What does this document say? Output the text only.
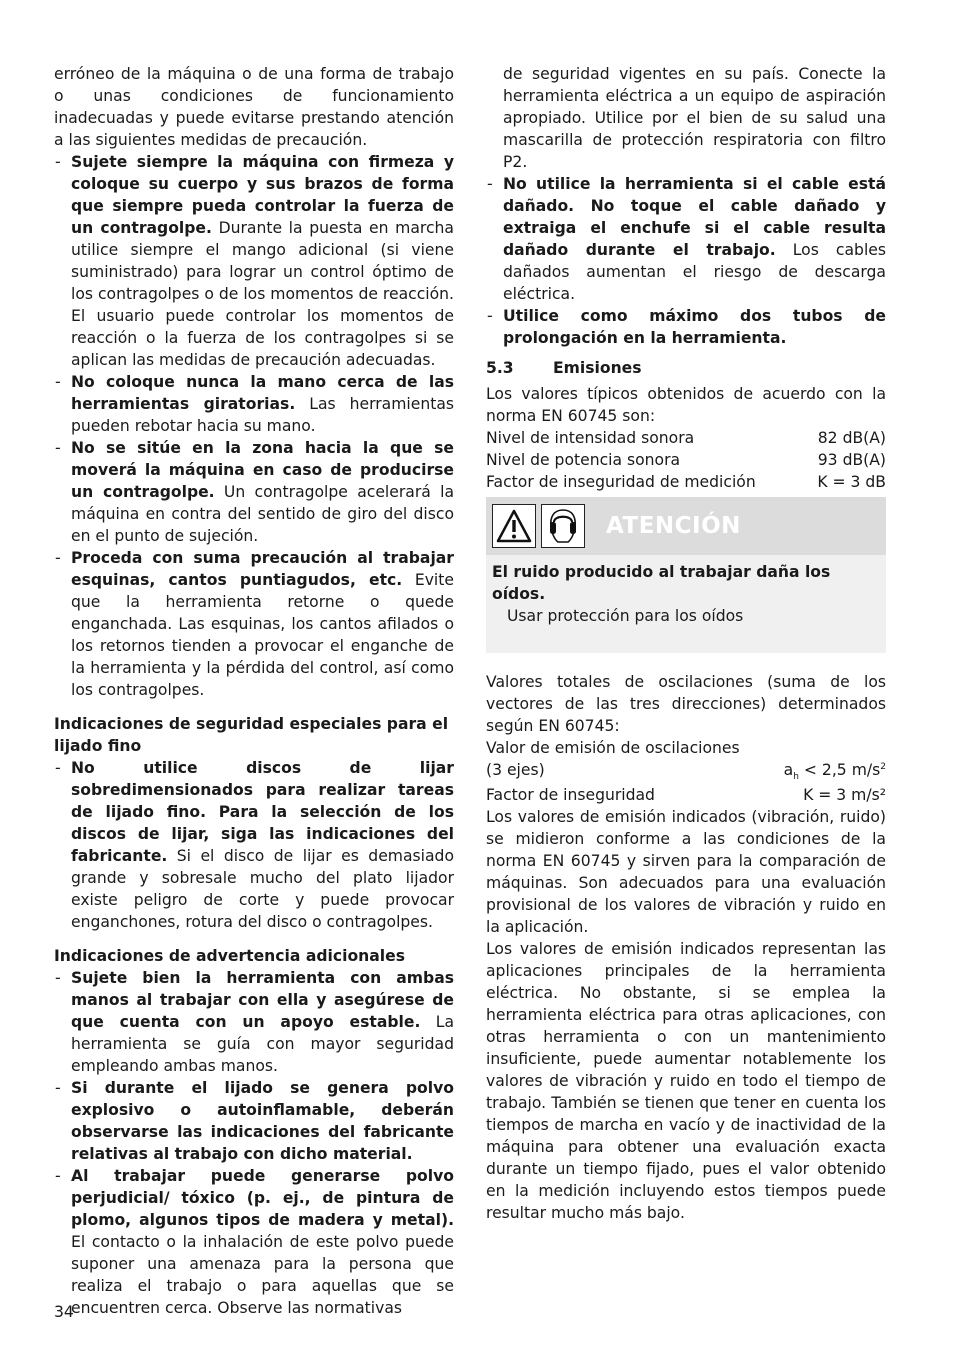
erróneo de la máquina o de una forma de trabajo o unas condiciones de funcionamiento inadecuadas y puede evitarse prestando atención a las siguientes medidas de precaución.

- Sujete siempre la máquina con firmeza y coloque su cuerpo y sus brazos de forma que siempre pueda controlar la fuerza de un contragolpe. Durante la puesta en marcha utilice siempre el mango adicional (si viene suministrado) para lograr un control óptimo de los contragolpes o de los momentos de reacción. El usuario puede controlar los momentos de reacción o la fuerza de los contragolpes si se aplican las medidas de precaución adecuadas.
- No coloque nunca la mano cerca de las herramientas giratorias. Las herramientas pueden rebotar hacia su mano.
- No se sitúe en la zona hacia la que se moverá la máquina en caso de producirse un contragolpe. Un contragolpe acelerará la máquina en contra del sentido de giro del disco en el punto de sujeción.
- Proceda con suma precaución al trabajar esquinas, cantos puntiagudos, etc. Evite que la herramienta retorne o quede enganchada. Las esquinas, los cantos afilados o los retornos tienden a provocar el enganche de la herramienta y la pérdida del control, así como los contragolpes.
Indicaciones de seguridad especiales para el lijado fino
- No utilice discos de lijar sobredimensionados para realizar tareas de lijado fino. Para la selección de los discos de lijar, siga las indicaciones del fabricante. Si el disco de lijar es demasiado grande y sobresale mucho del plato lijador existe peligro de corte y puede provocar enganchones, rotura del disco o contragolpes.
Indicaciones de advertencia adicionales
- Sujete bien la herramienta con ambas manos al trabajar con ella y asegúrese de que cuenta con un apoyo estable. La herramienta se guía con mayor seguridad empleando ambas manos.
- Si durante el lijado se genera polvo explosivo o autoinflamable, deberán observarse las indicaciones del fabricante relativas al trabajo con dicho material.
- Al trabajar puede generarse polvo perjudicial/ tóxico (p. ej., de pintura de plomo, algunos tipos de madera y metal). El contacto o la inhalación de este polvo puede suponer una amenaza para la persona que realiza el trabajo o para aquellas que se encuentren cerca. Observe las normativas
de seguridad vigentes en su país. Conecte la herramienta eléctrica a un equipo de aspiración apropiado. Utilice por el bien de su salud una mascarilla de protección respiratoria con filtro P2.
- No utilice la herramienta si el cable está dañado. No toque el cable dañado y extraiga el enchufe si el cable resulta dañado durante el trabajo. Los cables dañados aumentan el riesgo de descarga eléctrica.
- Utilice como máximo dos tubos de prolongación en la herramienta.
5.3	Emisiones

Los valores típicos obtenidos de acuerdo con la norma EN 60745 son:

Nivel de intensidad sonora	82 dB(A)
Nivel de potencia sonora	93 dB(A)
Factor de inseguridad de medición	K = 3 dB
ATENCIÓN
El ruido producido al trabajar daña los oídos.
Usar protección para los oídos

Valores totales de oscilaciones (suma de los vectores de las tres direcciones) determinados según EN 60745:

Valor de emisión de oscilaciones
(3 ejes)	$a_h < 2,5$ $m/s^2$
Factor de inseguridad	K = 3 m/s²

Los valores de emisión indicados (vibración, ruido) se midieron conforme a las condiciones de la norma EN 60745 y sirven para la comparación de máquinas. Son adecuados para una evaluación provisional de los valores de vibración y ruido en la aplicación.

Los valores de emisión indicados representan las aplicaciones principales de la herramienta eléctrica. No obstante, si se emplea la herramienta eléctrica para otras aplicaciones, con otras herramienta o con un mantenimiento insuficiente, puede aumentar notablemente los valores de vibración y ruido en todo el tiempo de trabajo. También se tienen que tener en cuenta los tiempos de marcha en vacío y de inactividad de la máquina para obtener una evaluación exacta durante un tiempo fijado, pues el valor obtenido en la medición incluyendo estos tiempos puede resultar mucho más bajo.

34
